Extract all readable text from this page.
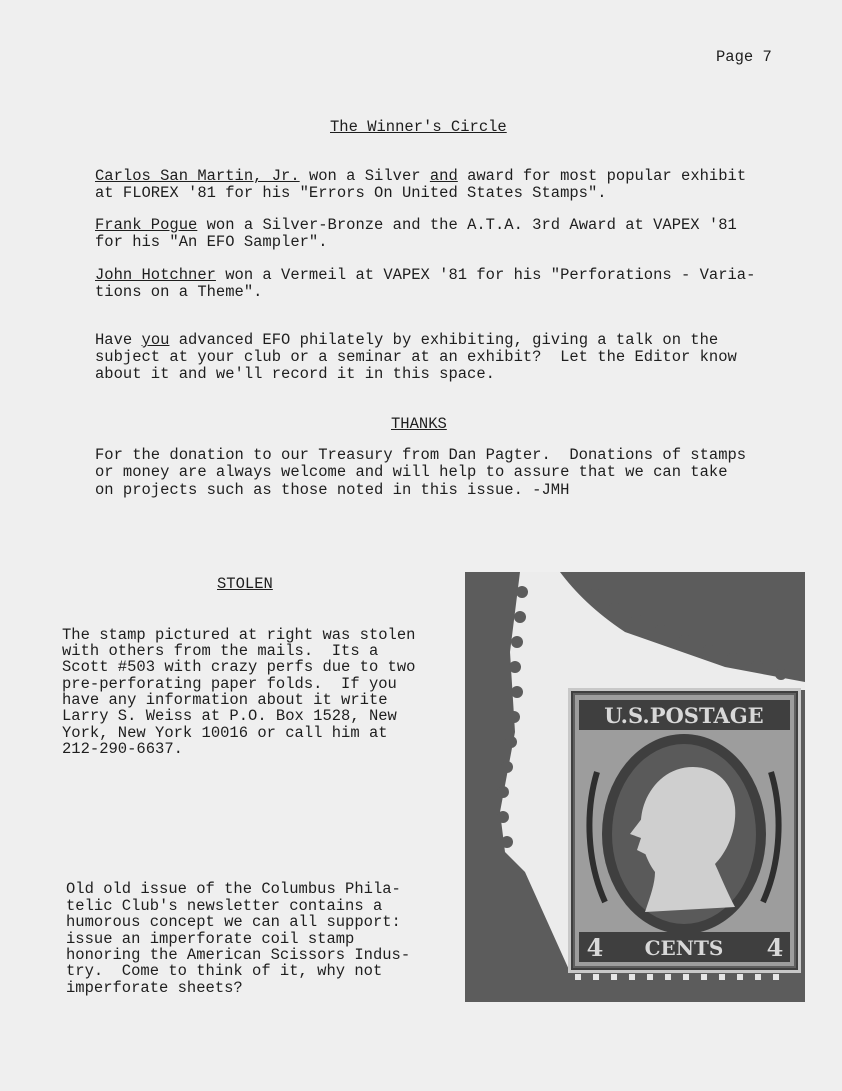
Page 7
The Winner's Circle
Carlos San Martin, Jr. won a Silver and award for most popular exhibit
at FLOREX '81 for his "Errors On United States Stamps".
Frank Pogue won a Silver-Bronze and the A.T.A. 3rd Award at VAPEX '81
for his "An EFO Sampler".
John Hotchner won a Vermeil at VAPEX '81 for his "Perforations - Varia-
tions on a Theme".
Have you advanced EFO philately by exhibiting, giving a talk on the
subject at your club or a seminar at an exhibit?  Let the Editor know
about it and we'll record it in this space.
THANKS
For the donation to our Treasury from Dan Pagter.  Donations of stamps
or money are always welcome and will help to assure that we can take
on projects such as those noted in this issue. -JMH
STOLEN
The stamp pictured at right was stolen
with others from the mails.  Its a
Scott #503 with crazy perfs due to two
pre-perforating paper folds.  If you
have any information about it write
Larry S. Weiss at P.O. Box 1528, New
York, New York 10016 or call him at
212-290-6637.
Old old issue of the Columbus Phila-
telic Club's newsletter contains a
humorous concept we can all support:
issue an imperforate coil stamp
honoring the American Scissors Indus-
try.  Come to think of it, why not
imperforate sheets?
U.S.POSTAGE
4 CENTS 4
